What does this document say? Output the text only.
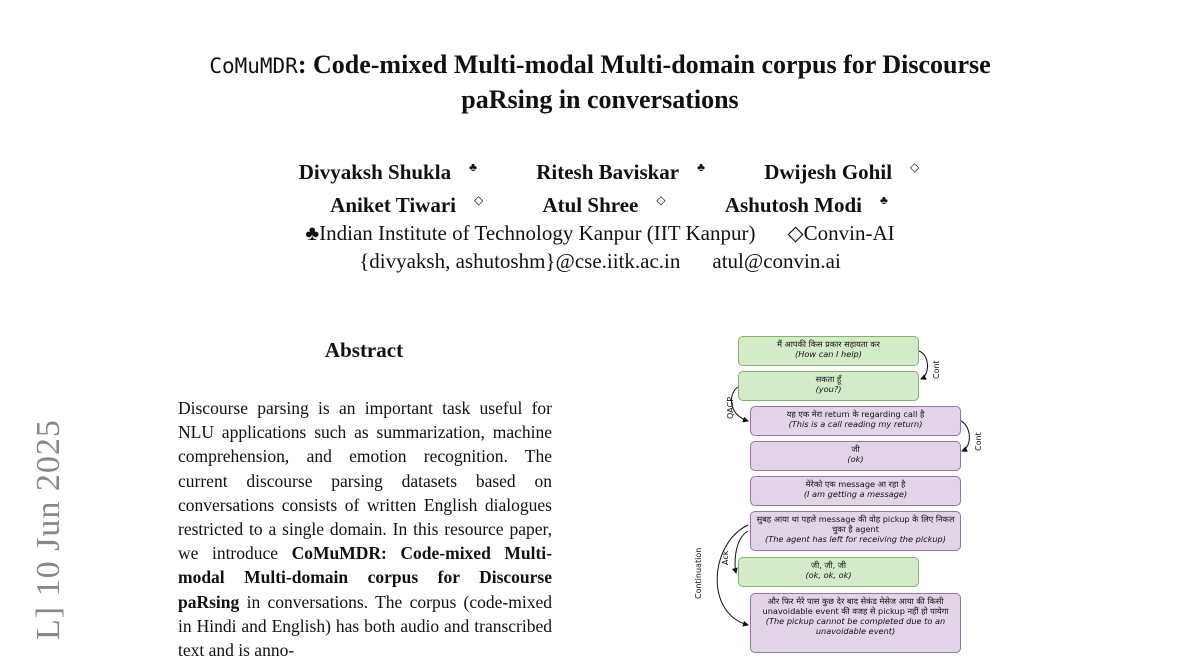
L] 10 Jun 2025
CoMuMDR: Code-mixed Multi-modal Multi-domain corpus for Discourse
paRsing in conversations
Divyaksh Shukla ♣	Ritesh Baviskar ♣	Dwijesh Gohil ◇
Aniket Tiwari ◇	Atul Shree ◇	Ashutosh Modi ♣
♣Indian Institute of Technology Kanpur (IIT Kanpur) ◇Convin-AI
{divyaksh, ashutoshm}@cse.iitk.ac.in atul@convin.ai
Abstract
Discourse parsing is an important task useful for NLU applications such as summarization, machine comprehension, and emotion recognition. The current discourse parsing datasets based on conversations consists of written English dialogues restricted to a single domain. In this resource paper, we introduce CoMuMDR: Code-mixed Multi-modal Multi-domain corpus for Discourse paRsing in conversations. The corpus (code-mixed in Hindi and English) has both audio and transcribed text and is anno-
मैं आपकी किस प्रकार सहायता कर
(How can I help)
सकता हूँ
(you?)
यह एक मेरा return के regarding call है
(This is a call reading my return)
जी
(ok)
मेरेको एक message आ रहा है
(I am getting a message)
सुबह आया था पहले message की वोह pickup के लिए निकल चुका है agent
(The agent has left for receiving the pickup)
जी, जी, जी
(ok, ok, ok)
और फिर मेरे पास कुछ देर बाद सेकंड मेसेज आया की किसी unavoidable event की वजह से pickup नहीं हो पायेगा
(The pickup cannot be completed due to an unavoidable event)
Cont
QACP
Cont
Ack
Continuation
